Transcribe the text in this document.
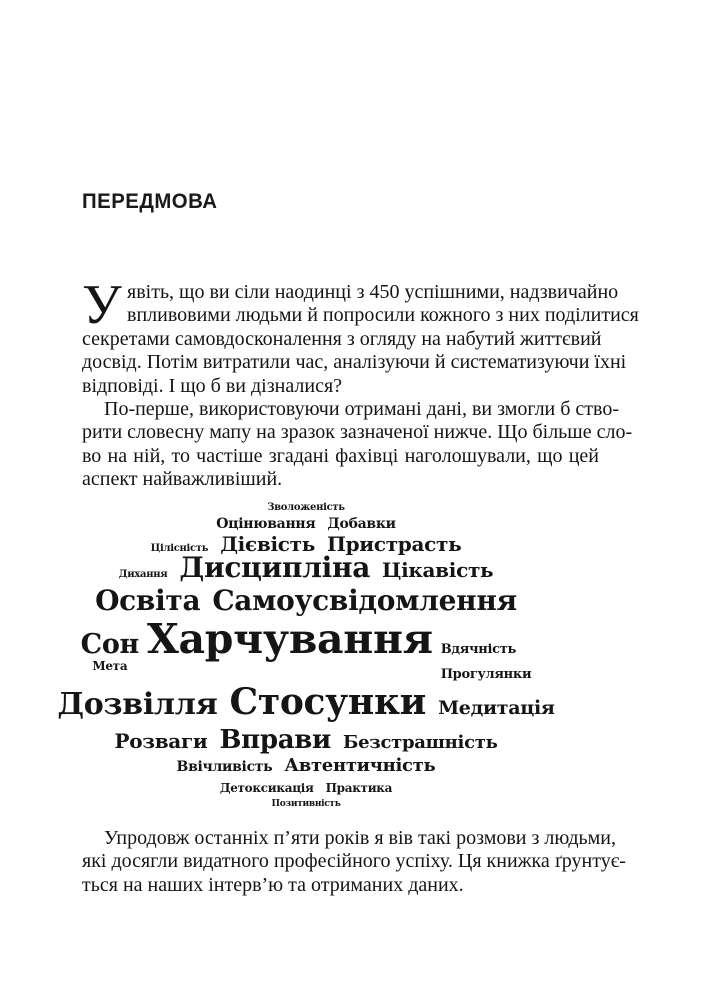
ПЕРЕДМОВА
У явіть, що ви сіли наодинці з 450 успішними, надзвичайно
впливовими людьми й попросили кожного з них поділитися
секретами самовдосконалення з огляду на набутий життєвий
досвід. Потім витратили час, аналізуючи й систематизуючи їхні
відповіді. І що б ви дізналися?
По-перше, використовуючи отримані дані, ви змогли б ство-
рити словесну мапу на зразок зазначеної нижче. Що більше сло-
во на ній, то частіше згадані фахівці наголошували, що цей
аспект найважливіший.
Зволоженість
Оцінювання Добавки
Цілісність Дієвість Пристрасть
Дихання Дисципліна Цікавість
Освіта Самоусвідомлення
Сон
Мета
Харчування Вдячність
Прогулянки
Дозвілля Стосунки Медитація
Розваги Вправи Безстрашність
Ввічливість Автентичність
Детоксикація Практика
Позитивність
Упродовж останніх п’яти років я вів такі розмови з людьми,
які досягли видатного професійного успіху. Ця книжка ґрунтує-
ться на наших інтерв’ю та отриманих даних.
